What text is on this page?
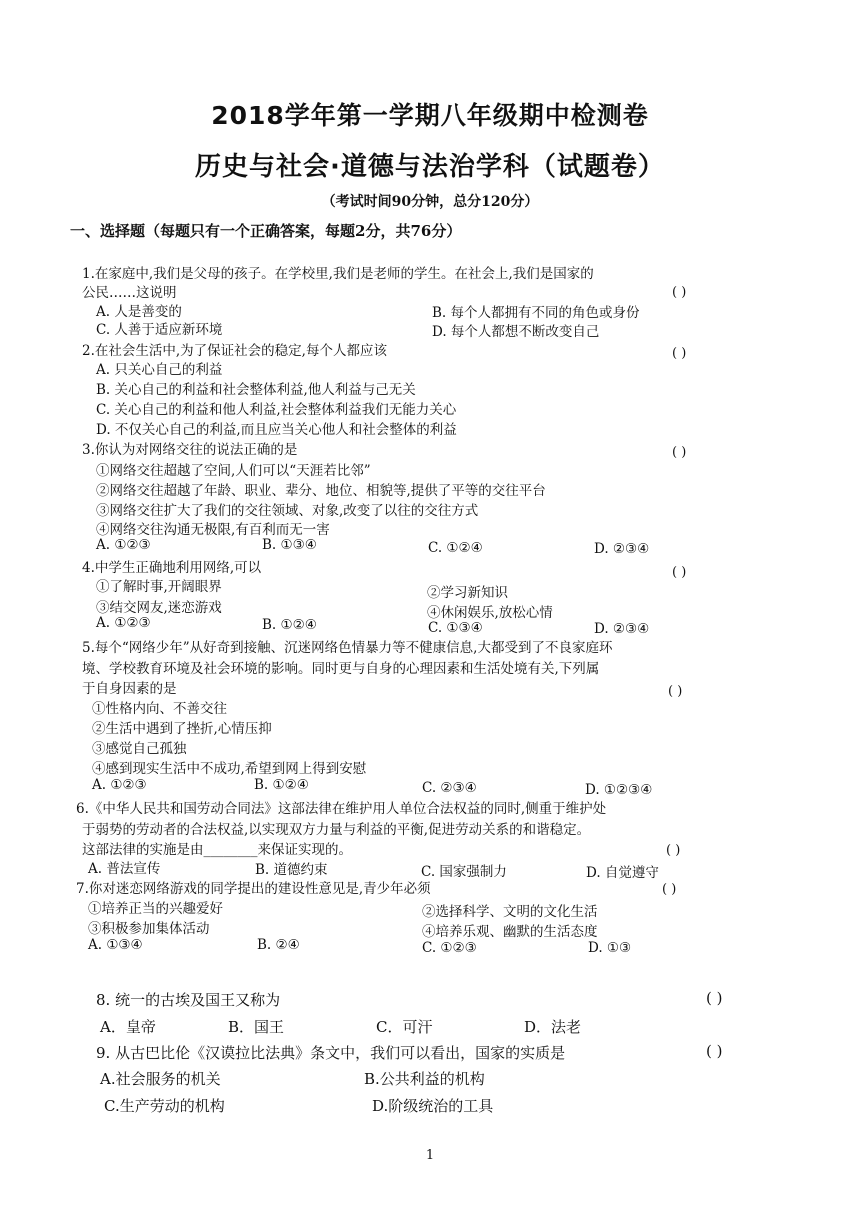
2018学年第一学期八年级期中检测卷
历史与社会·道德与法治学科（试题卷）
（考试时间90分钟，总分120分）
一、选择题（每题只有一个正确答案，每题2分，共76分）
1.在家庭中,我们是父母的孩子。在学校里,我们是老师的学生。在社会上,我们是国家的
公民……这说明	( )
A. 人是善变的	B. 每个人都拥有不同的角色或身份
C. 人善于适应新环境	D. 每个人都想不断改变自己
2.在社会生活中,为了保证社会的稳定,每个人都应该	( )
A. 只关心自己的利益
B. 关心自己的利益和社会整体利益,他人利益与己无关
C. 关心自己的利益和他人利益,社会整体利益我们无能力关心
D. 不仅关心自己的利益,而且应当关心他人和社会整体的利益
3.你认为对网络交往的说法正确的是	( )
①网络交往超越了空间,人们可以“天涯若比邻”
②网络交往超越了年龄、职业、辈分、地位、相貌等,提供了平等的交往平台
③网络交往扩大了我们的交往领域、对象,改变了以往的交往方式
④网络交往沟通无极限,有百利而无一害
A. ①②③	B. ①③④	C. ①②④	D. ②③④
4.中学生正确地利用网络,可以	( )
①了解时事,开阔眼界	②学习新知识
③结交网友,迷恋游戏	④休闲娱乐,放松心情
A. ①②③	B. ①②④	C. ①③④	D. ②③④
5.每个“网络少年”从好奇到接触、沉迷网络色情暴力等不健康信息,大都受到了不良家庭环
境、学校教育环境及社会环境的影响。同时更与自身的心理因素和生活处境有关,下列属
于自身因素的是	( )
①性格内向、不善交往
②生活中遇到了挫折,心情压抑
③感觉自己孤独
④感到现实生活中不成功,希望到网上得到安慰
A. ①②③	B. ①②④	C. ②③④	D. ①②③④
6.《中华人民共和国劳动合同法》这部法律在维护用人单位合法权益的同时,侧重于维护处
于弱势的劳动者的合法权益,以实现双方力量与利益的平衡,促进劳动关系的和谐稳定。
这部法律的实施是由________来保证实现的。	( )
A. 普法宣传	B. 道德约束	C. 国家强制力	D. 自觉遵守
7.你对迷恋网络游戏的同学提出的建设性意见是,青少年必须	( )
①培养正当的兴趣爱好	②选择科学、文明的文化生活
③积极参加集体活动	④培养乐观、幽默的生活态度
A. ①③④	B. ②④	C. ①②③	D. ①③
8. 统一的古埃及国王又称为	( )
A．皇帝	B．国王	C．可汗	D．法老
9. 从古巴比伦《汉谟拉比法典》条文中，我们可以看出，国家的实质是	( )
A.社会服务的机关	B.公共利益的机构
C.生产劳动的机构	D.阶级统治的工具
1
